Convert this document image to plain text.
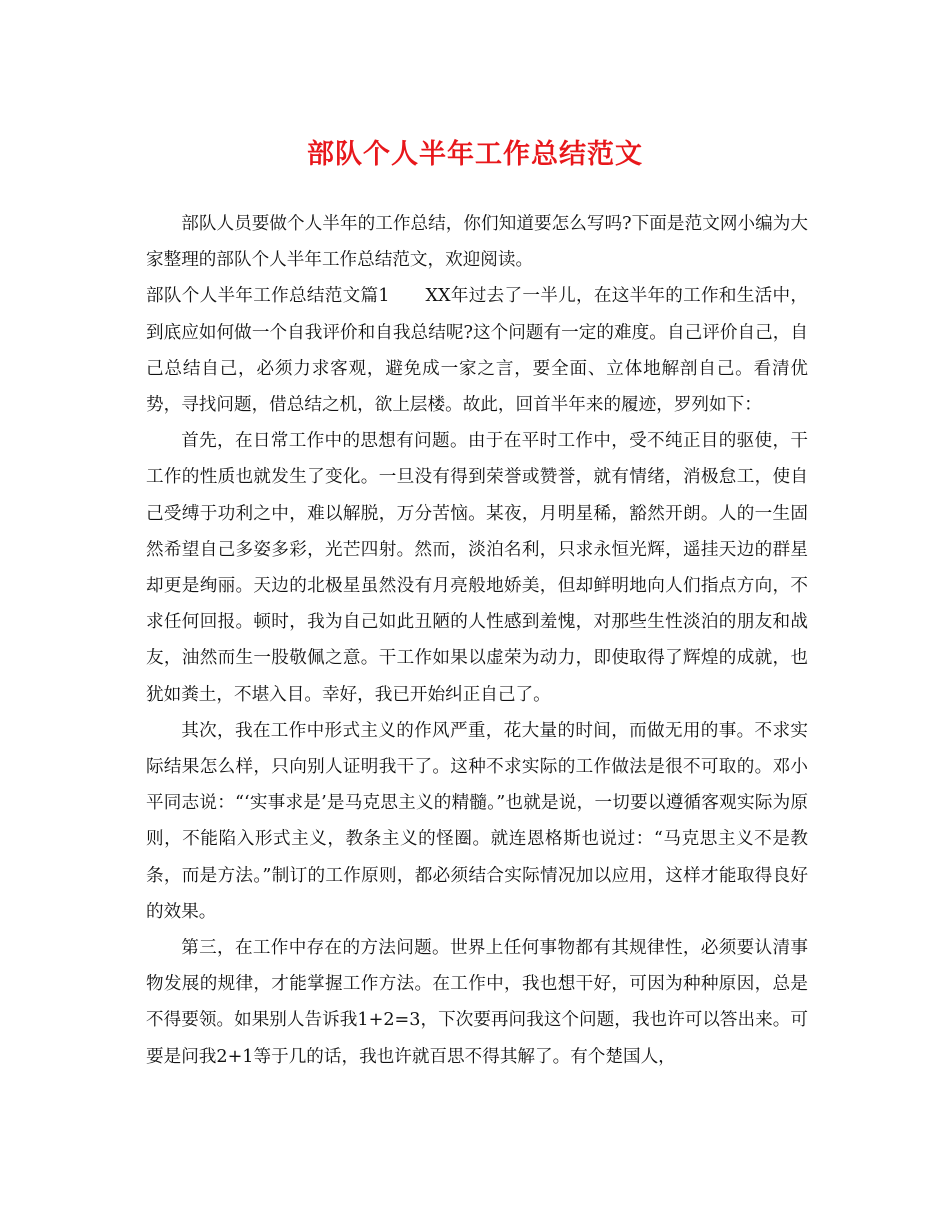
部队个人半年工作总结范文

部队人员要做个人半年的工作总结，你们知道要怎么写吗?下面是范文网小编为大家整理的部队个人半年工作总结范文，欢迎阅读。

部队个人半年工作总结范文篇1　　XX年过去了一半儿，在这半年的工作和生活中，到底应如何做一个自我评价和自我总结呢?这个问题有一定的难度。自己评价自己，自己总结自己，必须力求客观，避免成一家之言，要全面、立体地解剖自己。看清优势，寻找问题，借总结之机，欲上层楼。故此，回首半年来的履迹，罗列如下：

首先，在日常工作中的思想有问题。由于在平时工作中，受不纯正目的驱使，干工作的性质也就发生了变化。一旦没有得到荣誉或赞誉，就有情绪，消极怠工，使自己受缚于功利之中，难以解脱，万分苦恼。某夜，月明星稀，豁然开朗。人的一生固然希望自己多姿多彩，光芒四射。然而，淡泊名利，只求永恒光辉，遥挂天边的群星却更是绚丽。天边的北极星虽然没有月亮般地娇美，但却鲜明地向人们指点方向，不求任何回报。顿时，我为自己如此丑陋的人性感到羞愧，对那些生性淡泊的朋友和战友，油然而生一股敬佩之意。干工作如果以虚荣为动力，即使取得了辉煌的成就，也犹如粪土，不堪入目。幸好，我已开始纠正自己了。

其次，我在工作中形式主义的作风严重，花大量的时间，而做无用的事。不求实际结果怎么样，只向别人证明我干了。这种不求实际的工作做法是很不可取的。邓小平同志说：“‘实事求是’是马克思主义的精髓。”也就是说，一切要以遵循客观实际为原则，不能陷入形式主义，教条主义的怪圈。就连恩格斯也说过：“马克思主义不是教条，而是方法。”制订的工作原则，都必须结合实际情况加以应用，这样才能取得良好的效果。

第三，在工作中存在的方法问题。世界上任何事物都有其规律性，必须要认清事物发展的规律，才能掌握工作方法。在工作中，我也想干好，可因为种种原因，总是不得要领。如果别人告诉我1+2=3，下次要再问我这个问题，我也许可以答出来。可要是问我2+1等于几的话，我也许就百思不得其解了。有个楚国人，
